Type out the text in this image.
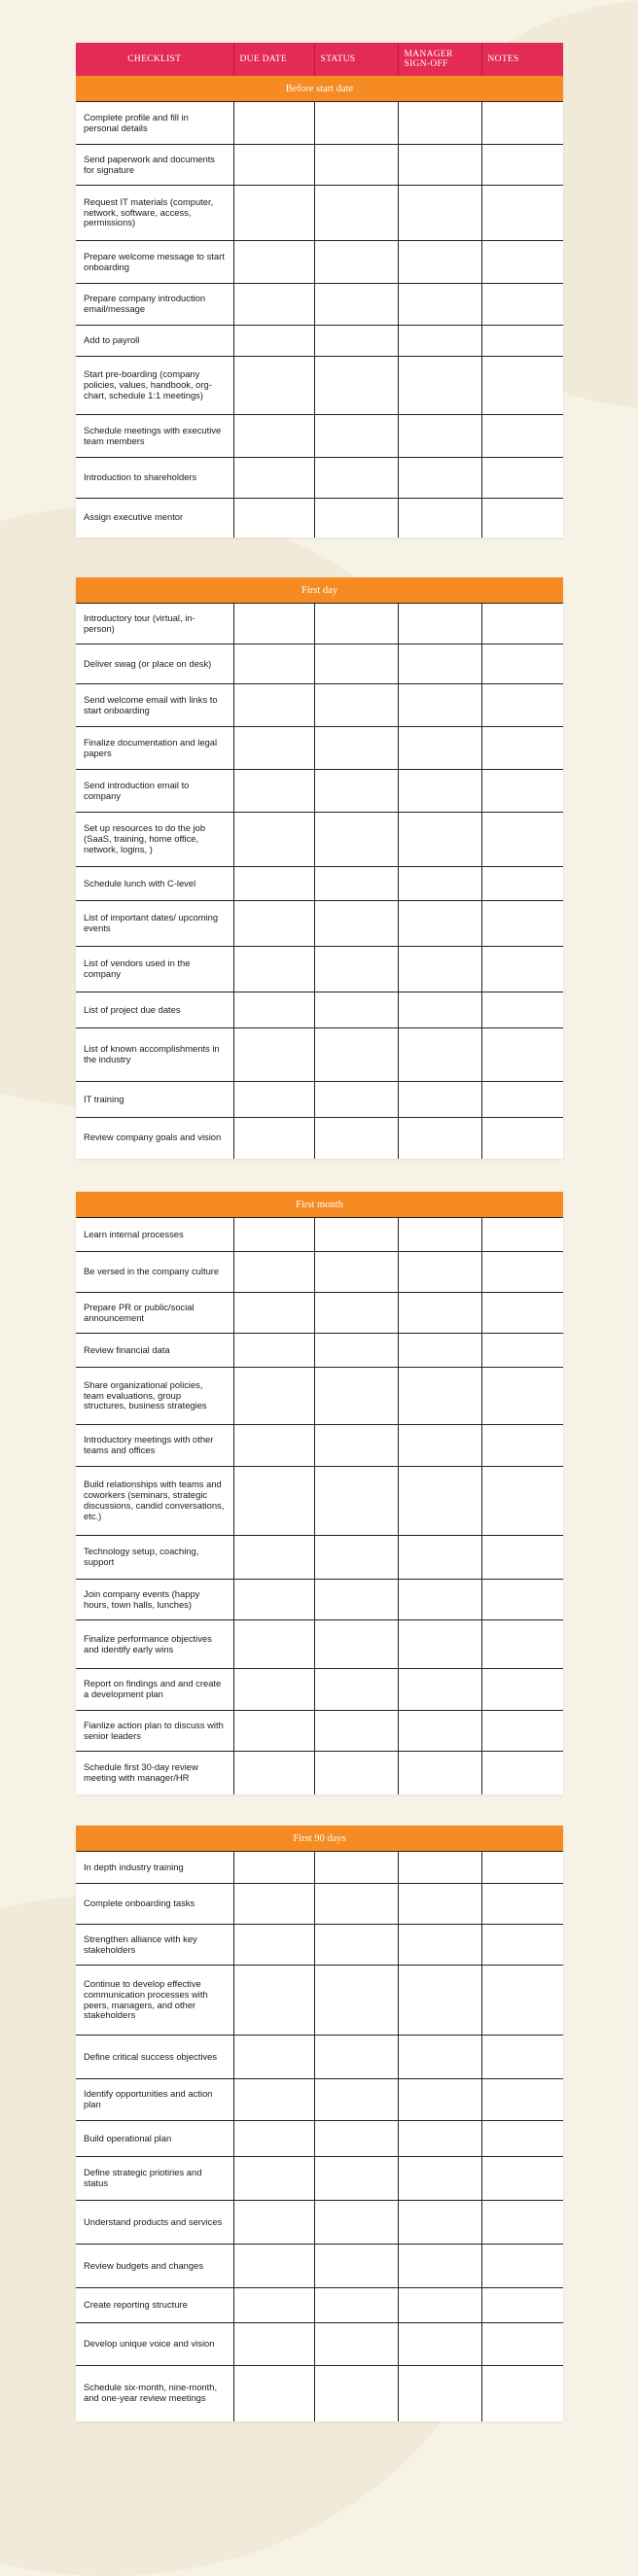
CHECKLIST	DUE DATE	STATUS	MANAGER SIGN-OFF	NOTES
Before start date				
Complete profile and fill in personal details				
Send paperwork and documents for signature				
Request IT materials (computer, network, software, access, permissions)				
Prepare welcome message to start onboarding				
Prepare company introduction email/message				
Add to payroll				
Start pre-boarding (company policies, values, handbook, org-chart, schedule 1:1 meetings)				
Schedule meetings with executive team members				
Introduction to shareholders				
Assign executive mentor				
First day				
Introductory tour (virtual, in-person)				
Deliver swag (or place on desk)				
Send welcome email with links to start onboarding				
Finalize documentation and legal papers				
Send introduction email to company				
Set up resources to do the job (SaaS, training, home office, network, logins, )				
Schedule lunch with C-level				
List of important dates/ upcoming events				
List of vendors used in the company				
List of project due dates				
List of known accomplishments in the industry				
IT training				
Review company goals and vision				
First month				
Learn internal processes				
Be versed in the company culture				
Prepare PR or public/social announcement				
Review financial data				
Share organizational policies, team evaluations, group structures, business strategies				
Introductory meetings with other teams and offices				
Build relationships with teams and coworkers (seminars, strategic discussions, candid conversations, etc.)				
Technology setup, coaching, support				
Join company events (happy hours, town halls, lunches)				
Finalize performance objectives and identify early wins				
Report on findings and and create a development plan				
Fianlize action plan to discuss with senior leaders				
Schedule first 30-day review meeting with manager/HR				
First 90 days				
In depth industry training				
Complete onboarding tasks				
Strengthen alliance with key stakeholders				
Continue to develop effective communication processes with peers, managers, and other stakeholders				
Define critical success objectives				
Identify opportunities and action plan				
Build operational plan				
Define strategic priotiries and status				
Understand products and services				
Review budgets and changes				
Create reporting structure				
Develop unique voice and vision				
Schedule six-month, nine-month, and one-year review meetings				
